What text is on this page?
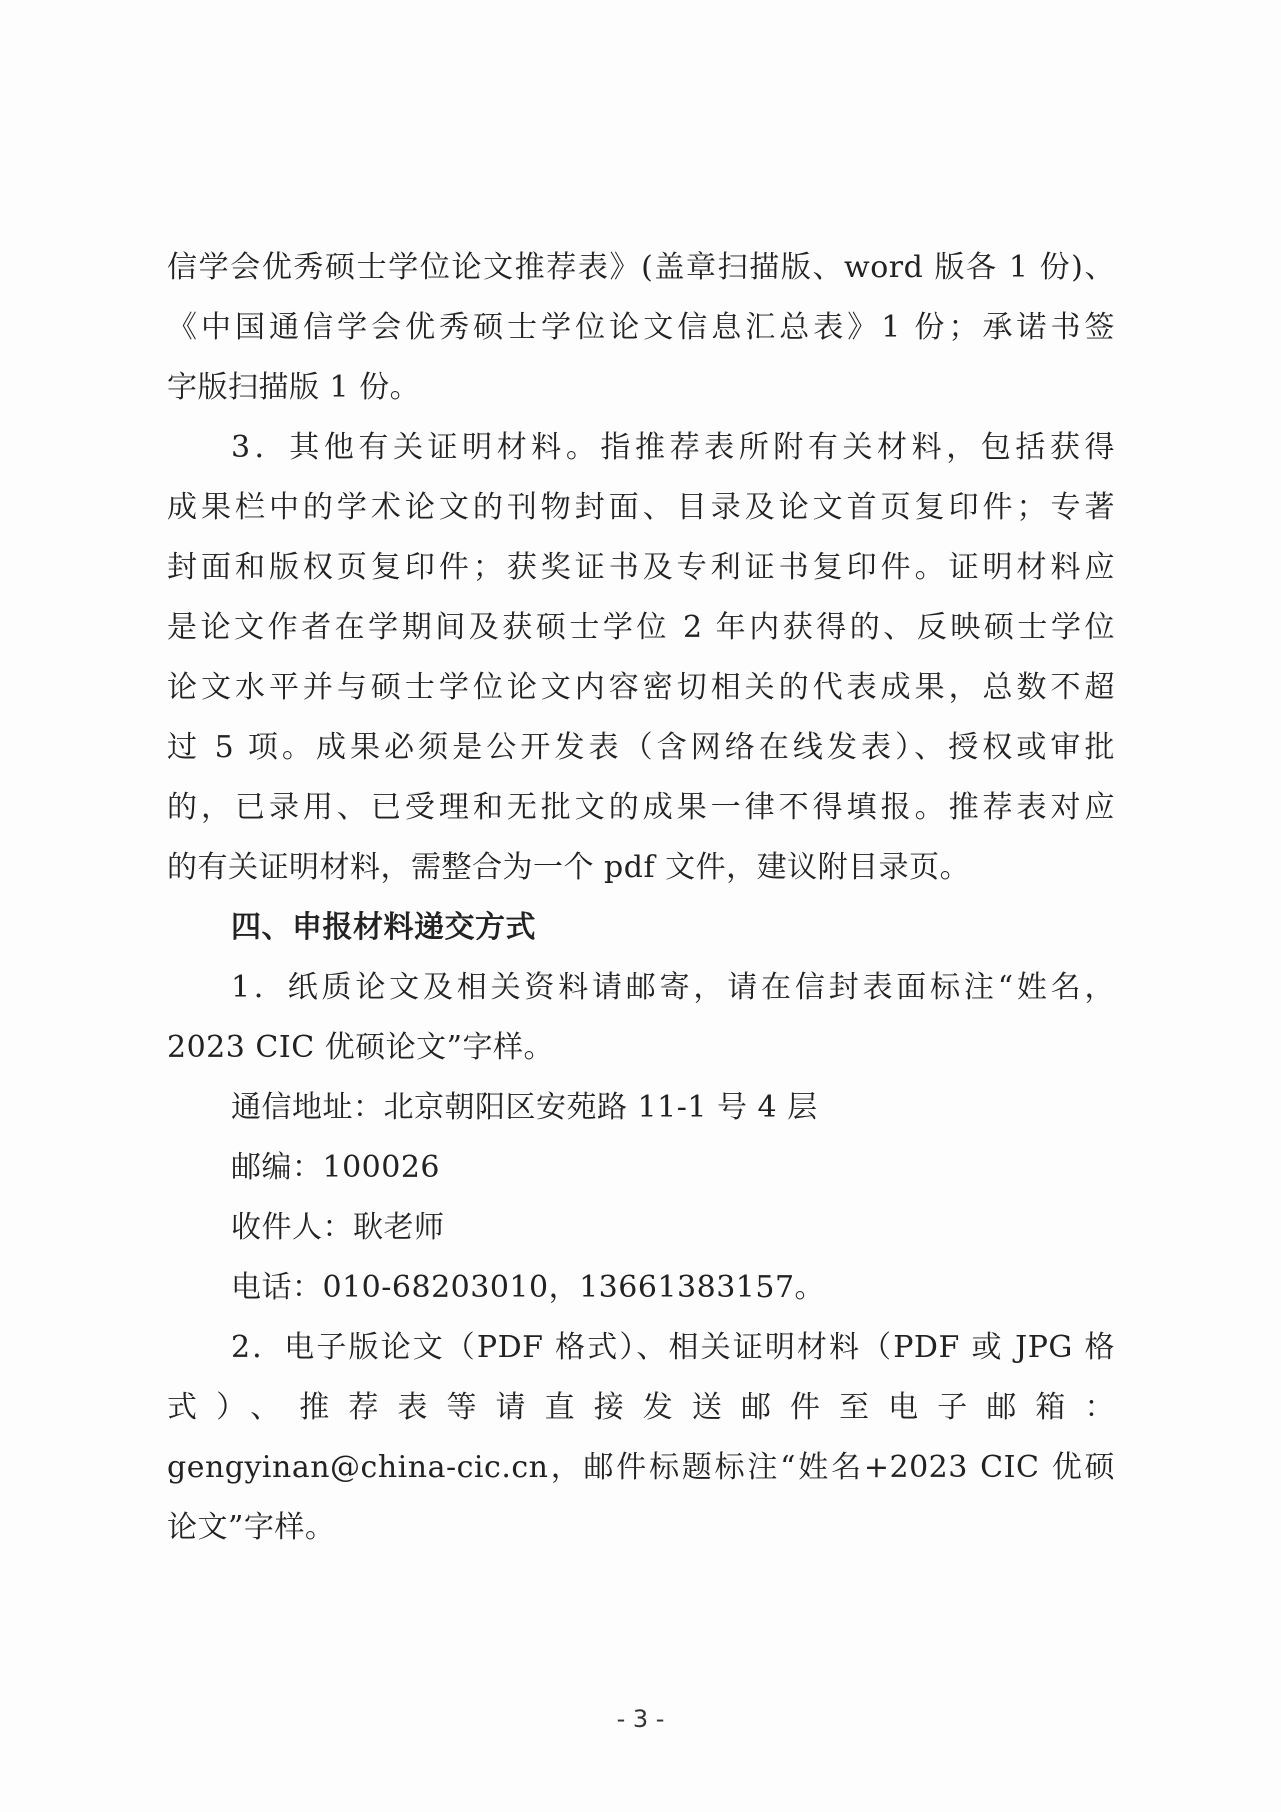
信学会优秀硕士学位论文推荐表》(盖章扫描版、word 版各 1 份)、
《中国通信学会优秀硕士学位论文信息汇总表》1 份；承诺书签
字版扫描版 1 份。
3．其他有关证明材料。指推荐表所附有关材料，包括获得
成果栏中的学术论文的刊物封面、目录及论文首页复印件；专著
封面和版权页复印件；获奖证书及专利证书复印件。证明材料应
是论文作者在学期间及获硕士学位 2 年内获得的、反映硕士学位
论文水平并与硕士学位论文内容密切相关的代表成果，总数不超
过 5 项。成果必须是公开发表（含网络在线发表）、授权或审批
的，已录用、已受理和无批文的成果一律不得填报。推荐表对应
的有关证明材料，需整合为一个 pdf 文件，建议附目录页。
四、申报材料递交方式
1．纸质论文及相关资料请邮寄，请在信封表面标注“姓名，
2023 CIC 优硕论文”字样。
通信地址：北京朝阳区安苑路 11-1 号 4 层
邮编：100026
收件人：耿老师
电话：010-68203010，13661383157。
2．电子版论文（PDF 格式）、相关证明材料（PDF 或 JPG 格
式）、推荐表等请直接发送邮件至电子邮箱：
gengyinan@china-cic.cn，邮件标题标注“姓名+2023 CIC 优硕
论文”字样。
- 3 -
